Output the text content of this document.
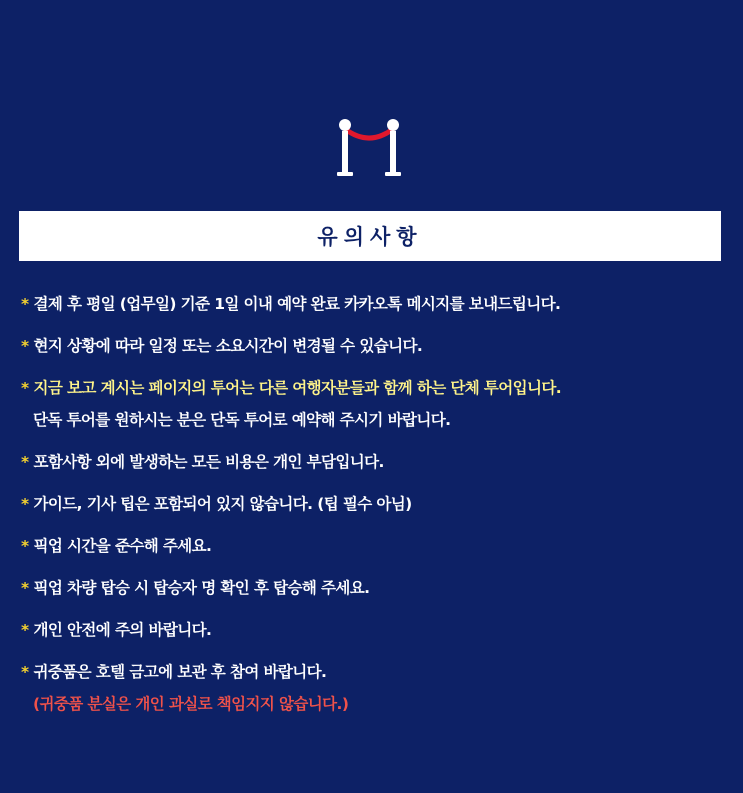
유의사항
* 결제 후 평일 (업무일) 기준 1일 이내 예약 완료 카카오톡 메시지를 보내드립니다.
* 현지 상황에 따라 일정 또는 소요시간이 변경될 수 있습니다.
* 지금 보고 계시는 페이지의 투어는 다른 여행자분들과 함께 하는 단체 투어입니다.
단독 투어를 원하시는 분은 단독 투어로 예약해 주시기 바랍니다.
* 포함사항 외에 발생하는 모든 비용은 개인 부담입니다.
* 가이드, 기사 팁은 포함되어 있지 않습니다. (팁 필수 아님)
* 픽업 시간을 준수해 주세요.
* 픽업 차량 탑승 시 탑승자 명 확인 후 탑승해 주세요.
* 개인 안전에 주의 바랍니다.
* 귀중품은 호텔 금고에 보관 후 참여 바랍니다.
(귀중품 분실은 개인 과실로 책임지지 않습니다.)
